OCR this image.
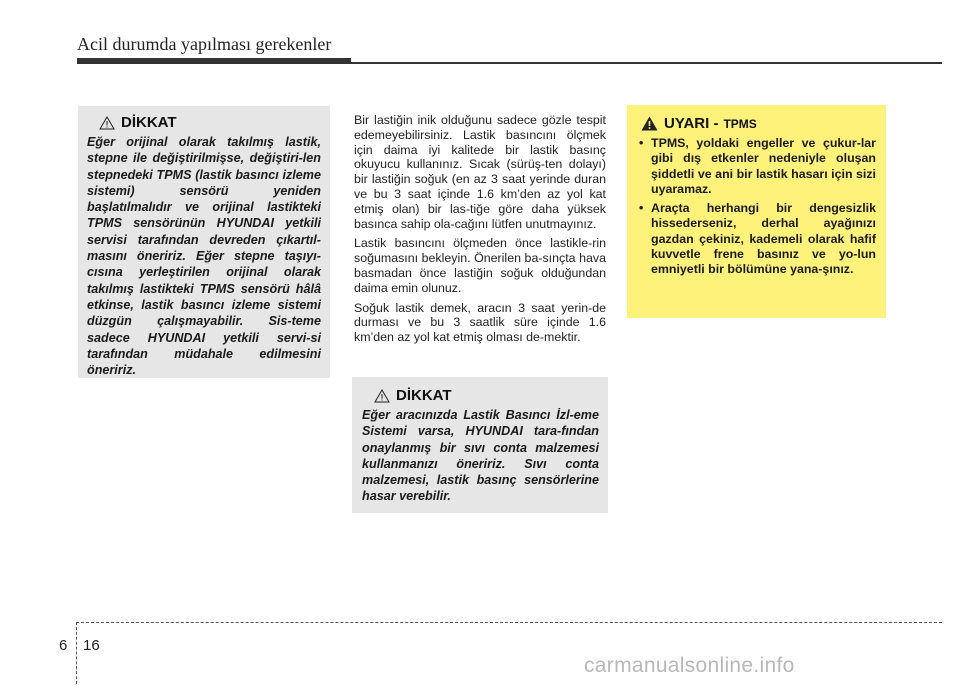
Acil durumda yapılması gerekenler
DİKKAT
Eğer orijinal olarak takılmış lastik, stepne ile değiştirilmişse, değiştiri-len stepnedeki TPMS (lastik basıncı izleme sistemi) sensörü yeniden başlatılmalıdır ve orijinal lastikteki TPMS sensörünün HYUNDAI yetkili servisi tarafından devreden çıkartıl-masını öneririz. Eğer stepne taşıyı-cısına yerleştirilen orijinal olarak takılmış lastikteki TPMS sensörü hâlâ etkinse, lastik basıncı izleme sistemi düzgün çalışmayabilir. Sis-teme sadece HYUNDAI yetkili servi-si tarafından müdahale edilmesini öneririz.

Bir lastiğin inik olduğunu sadece gözle tespit edemeyebilirsiniz. Lastik basıncını ölçmek için daima iyi kalitede bir lastik basınç okuyucu kullanınız. Sıcak (sürüş-ten dolayı) bir lastiğin soğuk (en az 3 saat yerinde duran ve bu 3 saat içinde 1.6 km’den az yol kat etmiş olan) bir las-tiğe göre daha yüksek basınca sahip ola-cağını lütfen unutmayınız.

Lastik basıncını ölçmeden önce lastikle-rin soğumasını bekleyin. Önerilen ba-sınçta hava basmadan önce lastiğin soğuk olduğundan daima emin olunuz.

Soğuk lastik demek, aracın 3 saat yerin-de durması ve bu 3 saatlik süre içinde 1.6 km’den az yol kat etmiş olması de-mektir.

DİKKAT
Eğer aracınızda Lastik Basıncı İzl-eme Sistemi varsa, HYUNDAI tara-fından onaylanmış bir sıvı conta malzemesi kullanmanızı öneririz. Sıvı conta malzemesi, lastik basınç sensörlerine hasar verebilir.
UYARI - TPMS
• TPMS, yoldaki engeller ve çukur-lar gibi dış etkenler nedeniyle oluşan şiddetli ve ani bir lastik hasarı için sizi uyaramaz.
• Araçta herhangi bir dengesizlik hissederseniz, derhal ayağınızı gazdan çekiniz, kademeli olarak hafif kuvvetle frene basınız ve yo-lun emniyetli bir bölümüne yana-şınız.
6 16
carmanualsonline.info
